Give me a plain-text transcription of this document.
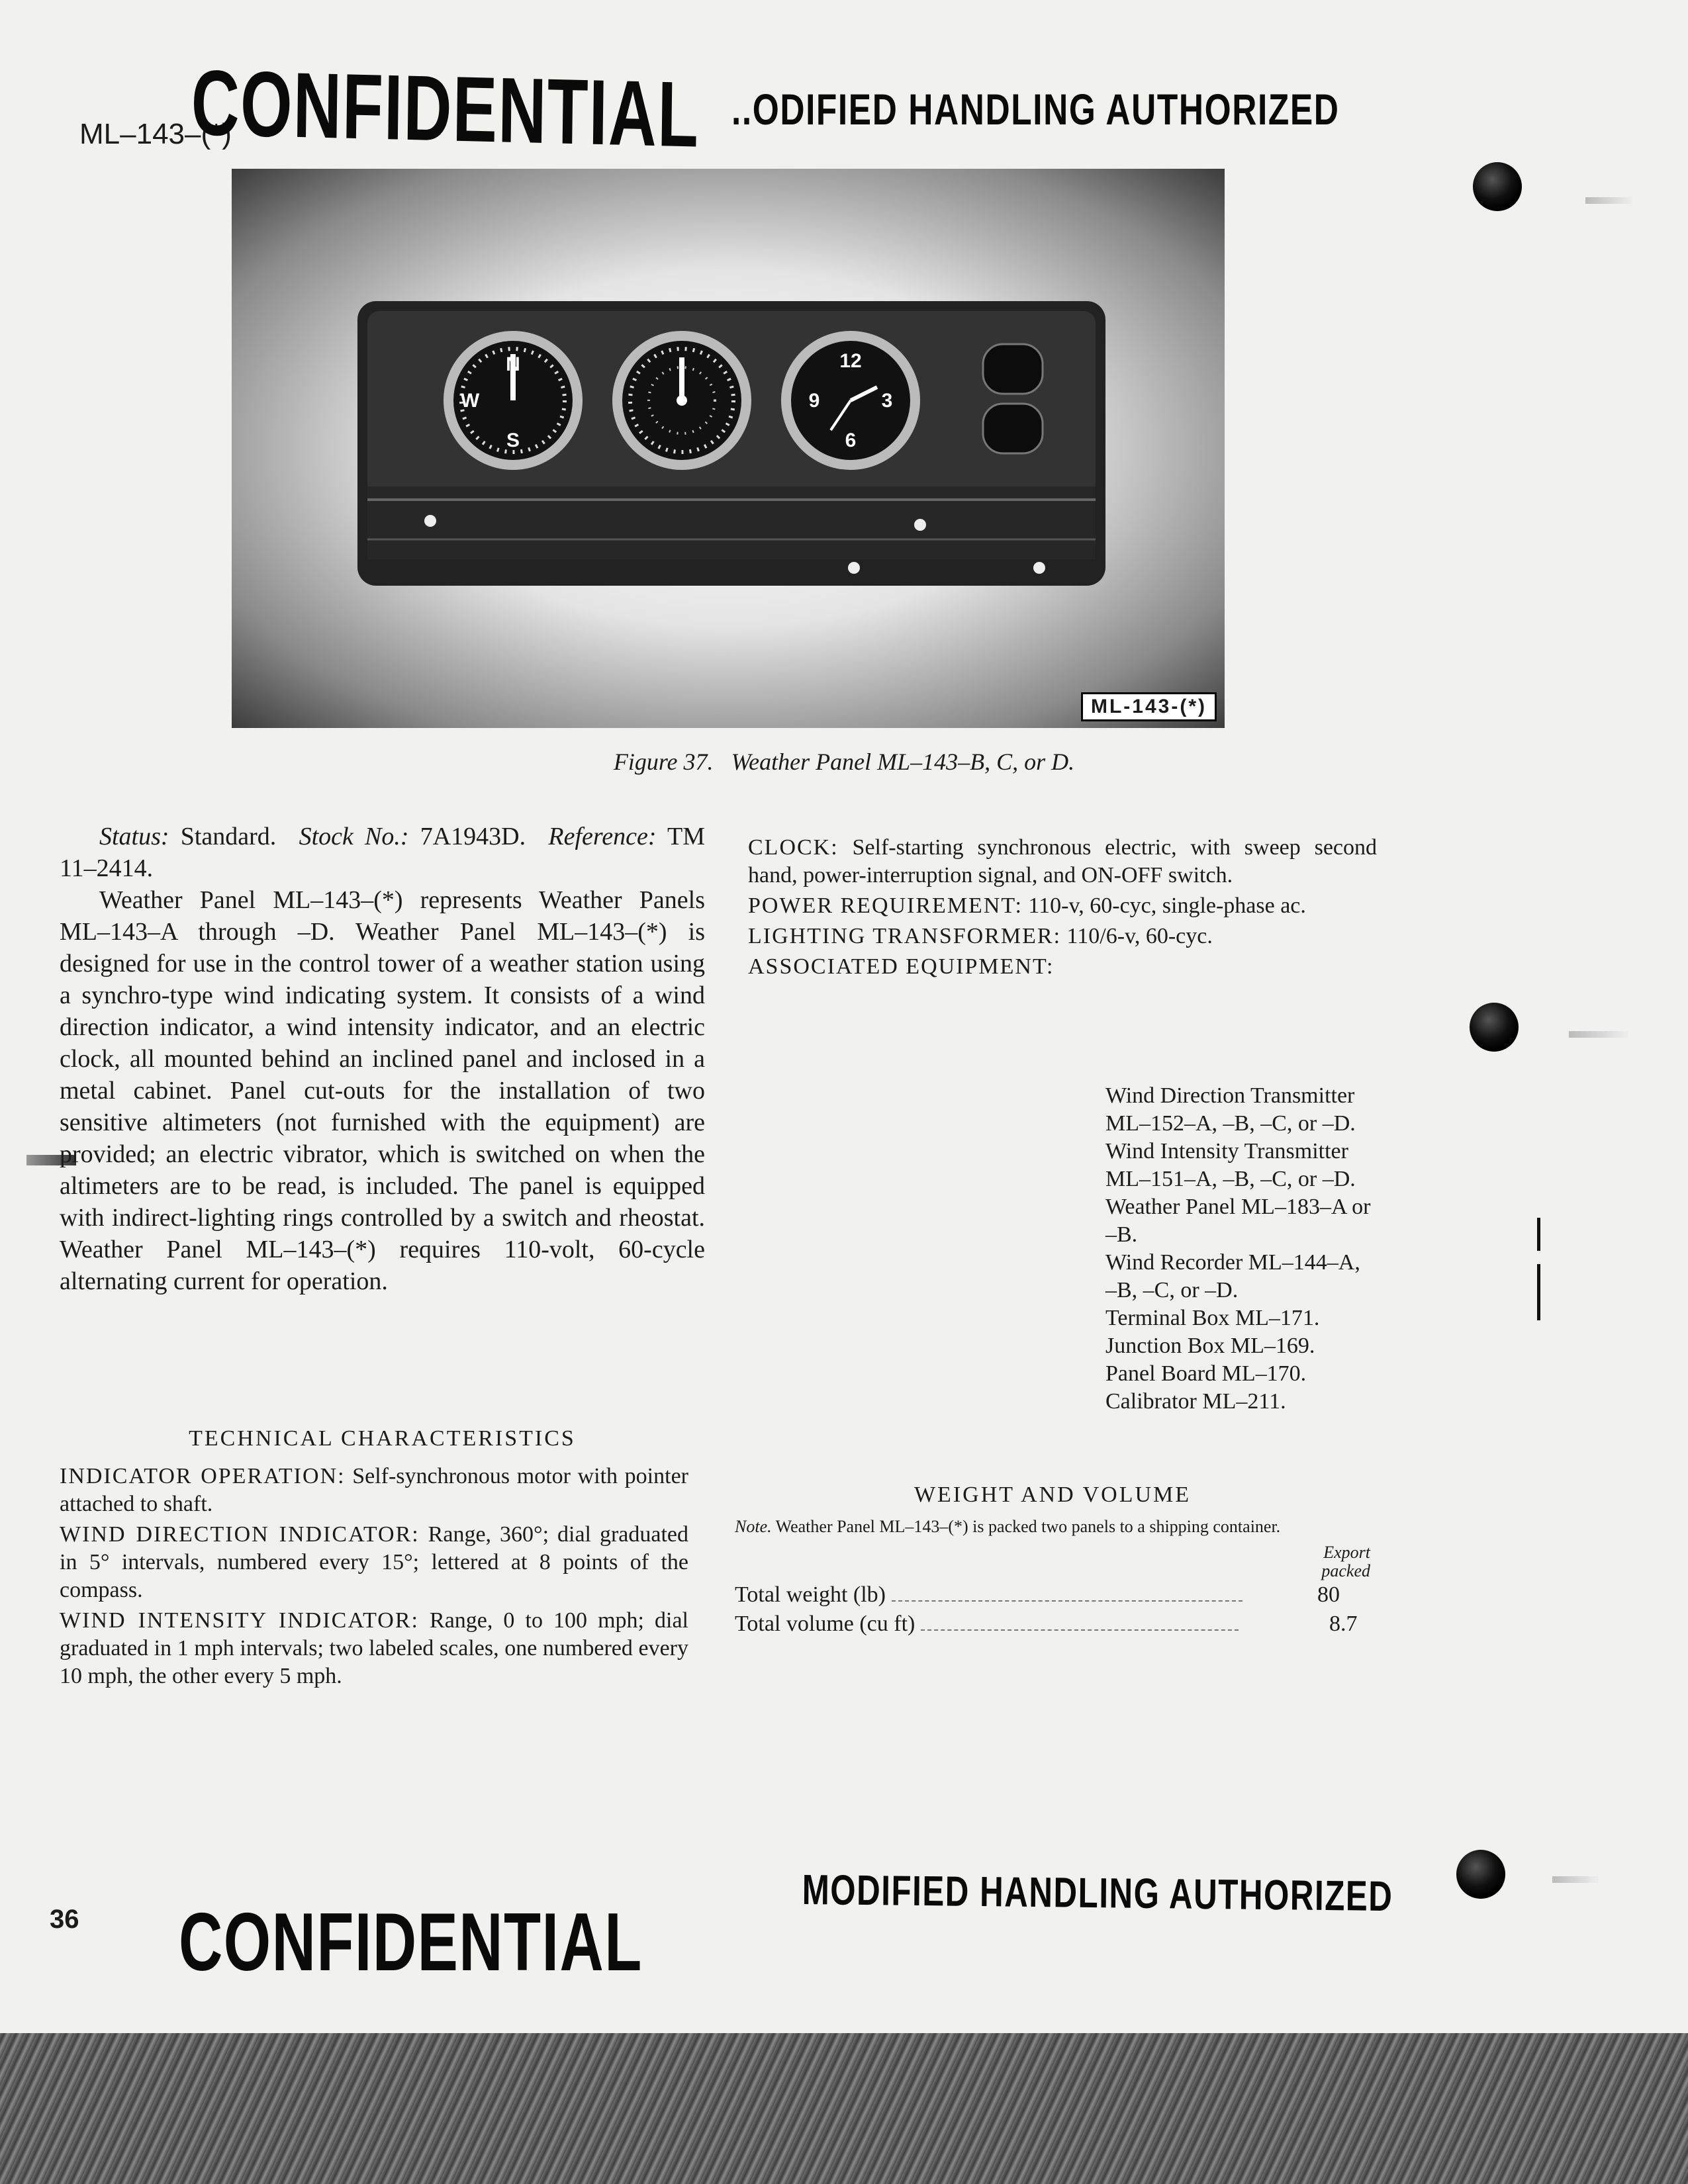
ML–143–(*)
CONFIDENTIAL ..ODIFIED HANDLING AUTHORIZED
N
W
S
12
3
6
9
ML-143-(*)
Figure 37.   Weather Panel ML–143–B, C, or D.

Status: Standard. Stock No.: 7A1943D. Reference: TM 11–2414.

Weather Panel ML–143–(*) represents Weather Panels ML–143–A through –D. Weather Panel ML–143–(*) is designed for use in the control tower of a weather station using a synchro-type wind indicating system. It consists of a wind direction indicator, a wind intensity indicator, and an electric clock, all mounted behind an inclined panel and inclosed in a metal cabinet. Panel cut-outs for the installation of two sensitive altimeters (not furnished with the equipment) are provided; an electric vibrator, which is switched on when the altimeters are to be read, is included. The panel is equipped with indirect-lighting rings controlled by a switch and rheostat. Weather Panel ML–143–(*) requires 110-volt, 60-cycle alternating current for operation.

TECHNICAL CHARACTERISTICS

INDICATOR OPERATION: Self-synchronous motor with pointer attached to shaft.

WIND DIRECTION INDICATOR: Range, 360°; dial graduated in 5° intervals, numbered every 15°; lettered at 8 points of the compass.

WIND INTENSITY INDICATOR: Range, 0 to 100 mph; dial graduated in 1 mph intervals; two labeled scales, one numbered every 10 mph, the other every 5 mph.

CLOCK: Self-starting synchronous electric, with sweep second hand, power-interruption signal, and ON-OFF switch.

POWER REQUIREMENT: 110-v, 60-cyc, single-phase ac.

LIGHTING TRANSFORMER: 110/6-v, 60-cyc.

ASSOCIATED EQUIPMENT:

Wind Direction Transmitter ML–152–A, –B, –C, or –D.
Wind Intensity Transmitter ML–151–A, –B, –C, or –D.
Weather Panel ML–183–A or –B.
Wind Recorder ML–144–A, –B, –C, or –D.
Terminal Box ML–171.
Junction Box ML–169.
Panel Board ML–170.
Calibrator ML–211.
WEIGHT AND VOLUME
Note. Weather Panel ML–143–(*) is packed two panels to a shipping container.
Export
packed
Total weight (lb)	80
Total volume (cu ft)	8.7
36 CONFIDENTIAL
MODIFIED HANDLING AUTHORIZED
